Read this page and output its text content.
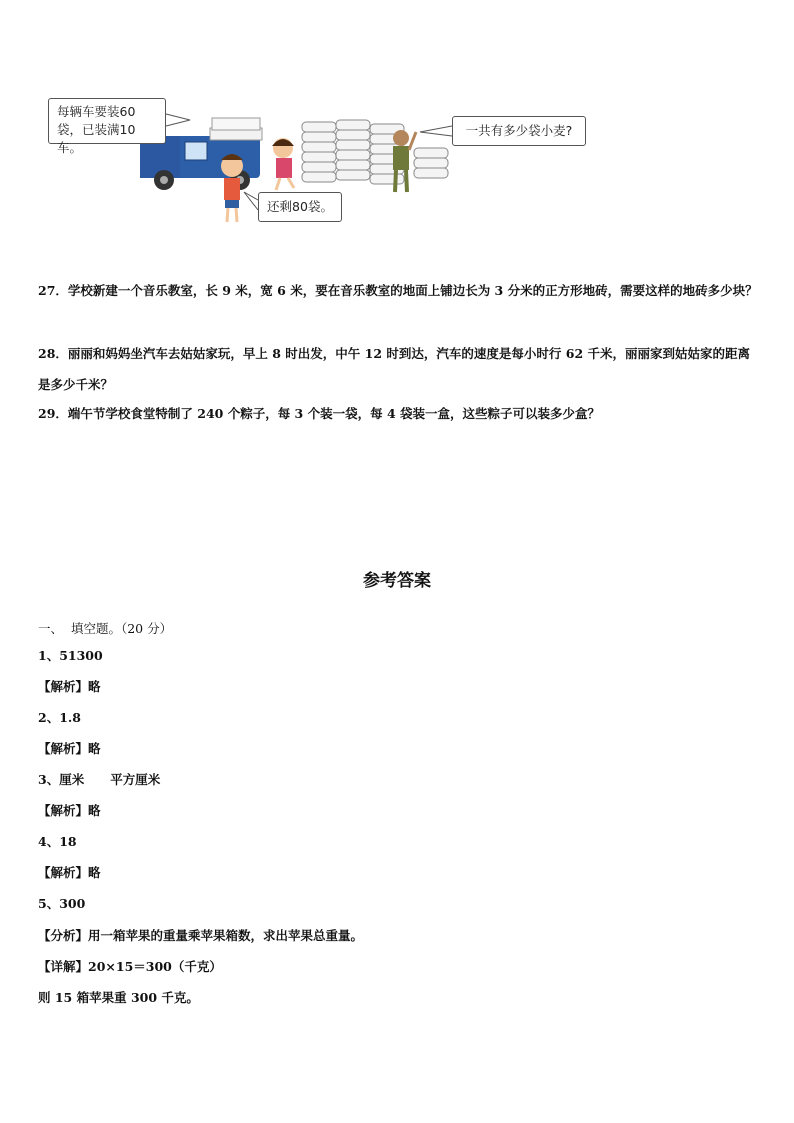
每辆车要装60袋，已装满10车。
一共有多少袋小麦?
还剩80袋。
27．学校新建一个音乐教室，长 9 米，宽 6 米，要在音乐教室的地面上铺边长为 3 分米的正方形地砖，需要这样的地砖多少块？
28．丽丽和妈妈坐汽车去姑姑家玩，早上 8 时出发，中午 12 时到达，汽车的速度是每小时行 62 千米，丽丽家到姑姑家的距离是多少千米？
29．端午节学校食堂特制了 240 个粽子，每 3 个装一袋，每 4 袋装一盒，这些粽子可以装多少盒？
参考答案
一、  填空题。（20 分）
1、51300
【解析】略
2、1.8
【解析】略
3、厘米      平方厘米
【解析】略
4、18
【解析】略
5、300
【分析】用一箱苹果的重量乘苹果箱数，求出苹果总重量。
【详解】20×15＝300（千克）
则 15 箱苹果重 300 千克。
